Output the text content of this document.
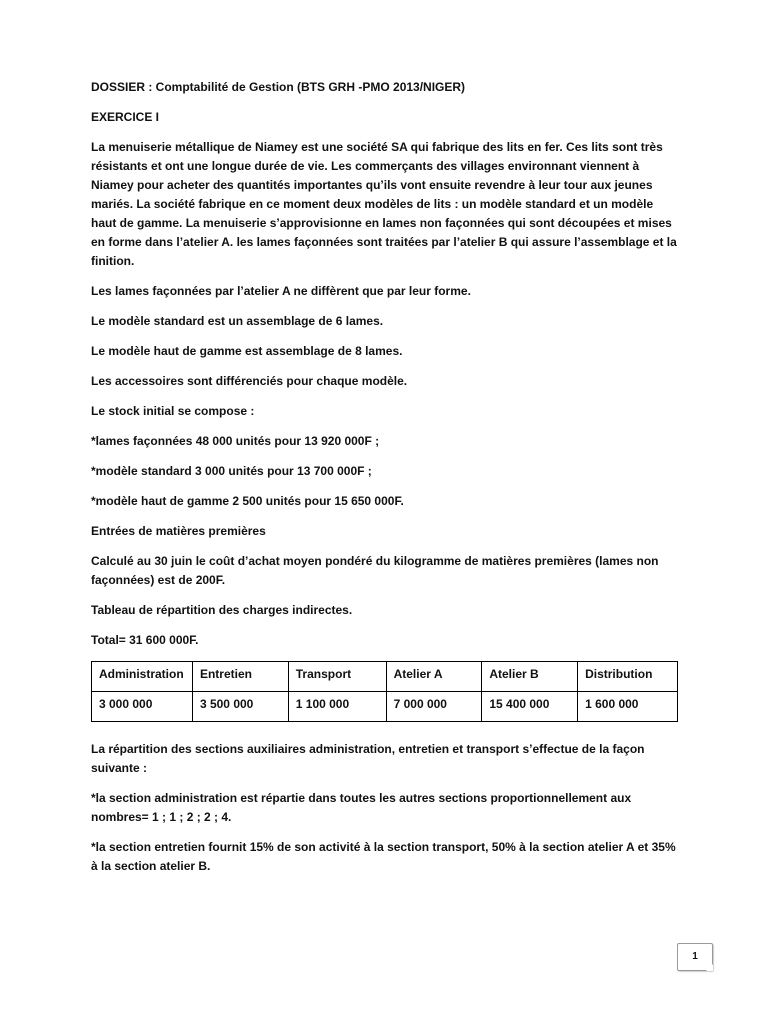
DOSSIER : Comptabilité de Gestion (BTS GRH -PMO 2013/NIGER)

EXERCICE I

La menuiserie métallique de Niamey est une société SA qui fabrique des lits en fer. Ces lits sont très résistants et ont une longue durée de vie. Les commerçants des villages environnant viennent à Niamey pour acheter des quantités importantes qu’ils vont ensuite revendre à leur tour aux jeunes mariés. La société fabrique en ce moment deux modèles de lits : un modèle standard et un modèle haut de gamme. La menuiserie s’approvisionne en lames non façonnées qui sont découpées et mises en forme dans l’atelier A. les lames façonnées sont traitées par l’atelier B qui assure l’assemblage et la finition.

Les lames façonnées par l’atelier A ne diffèrent que par leur forme.

Le modèle standard est un assemblage de 6 lames.

Le modèle haut de gamme est assemblage de 8 lames.

Les accessoires sont différenciés pour chaque modèle.

Le stock initial se compose :

*lames façonnées 48 000 unités pour 13 920 000F ;

*modèle standard 3 000 unités pour 13 700 000F ;

*modèle haut de gamme 2 500 unités pour 15 650 000F.

Entrées de matières premières

Calculé au 30 juin le coût d’achat moyen pondéré du kilogramme de matières premières (lames non façonnées) est de 200F.

Tableau de répartition des charges indirectes.

Total= 31 600 000F.

Administration	Entretien	Transport	Atelier A	Atelier B	Distribution
3 000 000	3 500 000	1 100 000	7 000 000	15 400 000	1 600 000

La répartition des sections auxiliaires administration, entretien et transport s’effectue de la façon suivante :

*la section administration est répartie dans toutes les autres sections proportionnellement aux nombres= 1 ; 1 ; 2 ; 2 ; 4.

*la section entretien fournit 15% de son activité à la section transport, 50% à la section atelier A et 35% à la section atelier B.

1
